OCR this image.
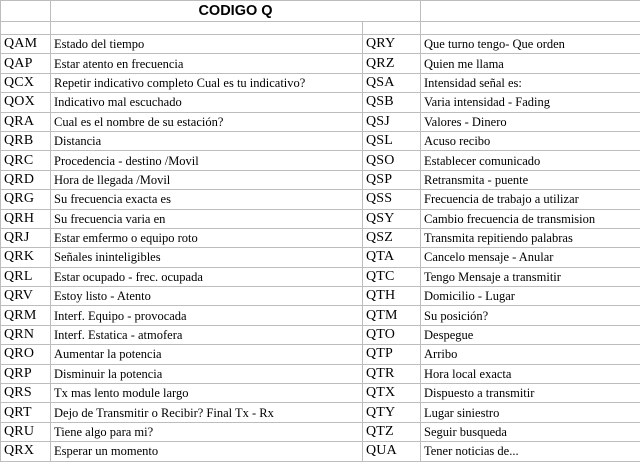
	CODIGO Q		

QAM	Estado del tiempo	QRY	Que turno tengo- Que orden
QAP	Estar atento en frecuencia	QRZ	Quien me llama
QCX	Repetir indicativo completo Cual es tu indicativo?	QSA	Intensidad señal es:
QOX	Indicativo mal escuchado	QSB	Varia intensidad - Fading
QRA	Cual es el nombre de su estación?	QSJ	Valores - Dinero
QRB	Distancia	QSL	Acuso recibo
QRC	Procedencia - destino /Movil	QSO	Establecer comunicado
QRD	Hora de llegada /Movil	QSP	Retransmita - puente
QRG	Su frecuencia exacta es	QSS	Frecuencia de trabajo a utilizar
QRH	Su frecuencia varia en	QSY	Cambio frecuencia de transmision
QRJ	Estar emfermo o equipo roto	QSZ	Transmita repitiendo palabras
QRK	Señales ininteligibles	QTA	Cancelo mensaje - Anular
QRL	Estar ocupado - frec. ocupada	QTC	Tengo Mensaje a transmitir
QRV	Estoy listo - Atento	QTH	Domicilio - Lugar
QRM	Interf. Equipo - provocada	QTM	Su posición?
QRN	Interf. Estatica - atmofera	QTO	Despegue
QRO	Aumentar la potencia	QTP	Arribo
QRP	Disminuir la potencia	QTR	Hora local exacta
QRS	Tx mas lento module largo	QTX	Dispuesto a transmitir
QRT	Dejo de Transmitir o Recibir? Final Tx - Rx	QTY	Lugar siniestro
QRU	Tiene algo para mi?	QTZ	Seguir busqueda
QRX	Esperar un momento	QUA	Tener noticias de...
